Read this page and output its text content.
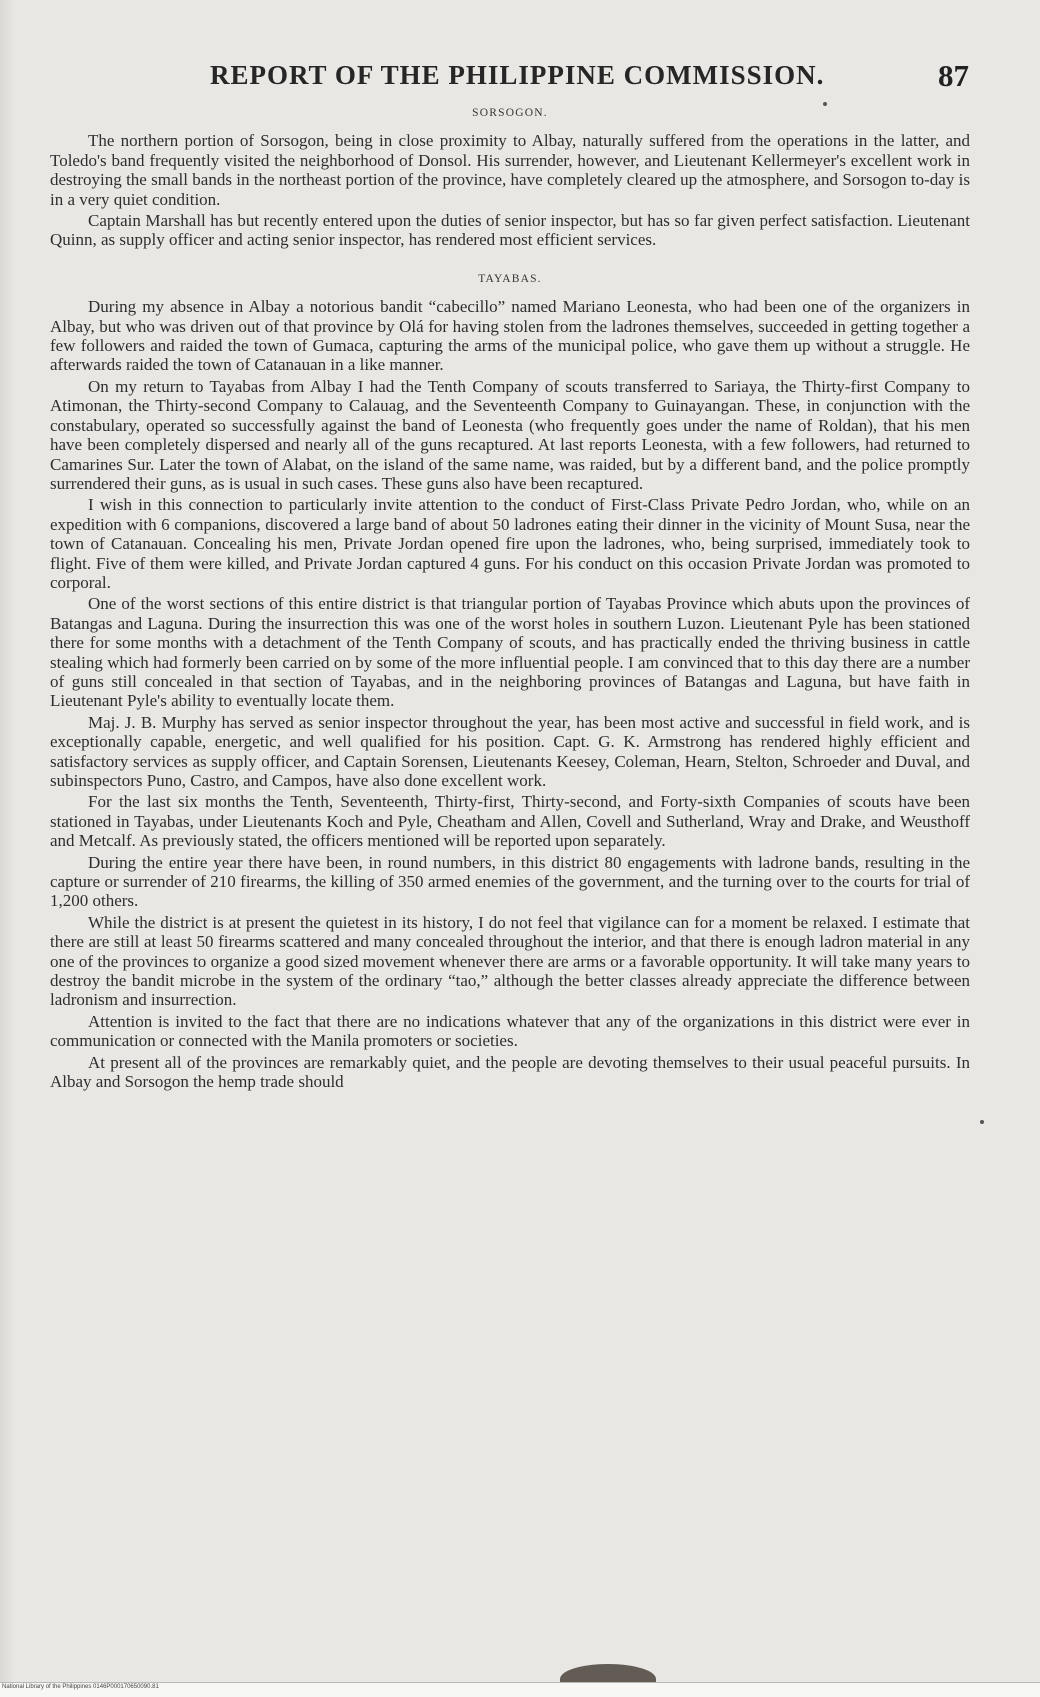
REPORT OF THE PHILIPPINE COMMISSION.	87
SORSOGON.

The northern portion of Sorsogon, being in close proximity to Albay, naturally suffered from the operations in the latter, and Toledo's band frequently visited the neighborhood of Donsol. His surrender, however, and Lieutenant Kellermeyer's excellent work in destroying the small bands in the northeast portion of the province, have completely cleared up the atmosphere, and Sorsogon to-day is in a very quiet condition.

Captain Marshall has but recently entered upon the duties of senior inspector, but has so far given perfect satisfaction. Lieutenant Quinn, as supply officer and acting senior inspector, has rendered most efficient services.

TAYABAS.

During my absence in Albay a notorious bandit “cabecillo” named Mariano Leonesta, who had been one of the organizers in Albay, but who was driven out of that province by Olá for having stolen from the ladrones themselves, succeeded in getting together a few followers and raided the town of Gumaca, capturing the arms of the municipal police, who gave them up without a struggle. He afterwards raided the town of Catanauan in a like manner.

On my return to Tayabas from Albay I had the Tenth Company of scouts transferred to Sariaya, the Thirty-first Company to Atimonan, the Thirty-second Company to Calauag, and the Seventeenth Company to Guinayangan. These, in conjunction with the constabulary, operated so successfully against the band of Leonesta (who frequently goes under the name of Roldan), that his men have been completely dispersed and nearly all of the guns recaptured. At last reports Leonesta, with a few followers, had returned to Camarines Sur. Later the town of Alabat, on the island of the same name, was raided, but by a different band, and the police promptly surrendered their guns, as is usual in such cases. These guns also have been recaptured.

I wish in this connection to particularly invite attention to the conduct of First-Class Private Pedro Jordan, who, while on an expedition with 6 companions, discovered a large band of about 50 ladrones eating their dinner in the vicinity of Mount Susa, near the town of Catanauan. Concealing his men, Private Jordan opened fire upon the ladrones, who, being surprised, immediately took to flight. Five of them were killed, and Private Jordan captured 4 guns. For his conduct on this occasion Private Jordan was promoted to corporal.

One of the worst sections of this entire district is that triangular portion of Tayabas Province which abuts upon the provinces of Batangas and Laguna. During the insurrection this was one of the worst holes in southern Luzon. Lieutenant Pyle has been stationed there for some months with a detachment of the Tenth Company of scouts, and has practically ended the thriving business in cattle stealing which had formerly been carried on by some of the more influential people. I am convinced that to this day there are a number of guns still concealed in that section of Tayabas, and in the neighboring provinces of Batangas and Laguna, but have faith in Lieutenant Pyle's ability to eventually locate them.

Maj. J. B. Murphy has served as senior inspector throughout the year, has been most active and successful in field work, and is exceptionally capable, energetic, and well qualified for his position. Capt. G. K. Armstrong has rendered highly efficient and satisfactory services as supply officer, and Captain Sorensen, Lieutenants Keesey, Coleman, Hearn, Stelton, Schroeder and Duval, and subinspectors Puno, Castro, and Campos, have also done excellent work.

For the last six months the Tenth, Seventeenth, Thirty-first, Thirty-second, and Forty-sixth Companies of scouts have been stationed in Tayabas, under Lieutenants Koch and Pyle, Cheatham and Allen, Covell and Sutherland, Wray and Drake, and Weusthoff and Metcalf. As previously stated, the officers mentioned will be reported upon separately.

During the entire year there have been, in round numbers, in this district 80 engagements with ladrone bands, resulting in the capture or surrender of 210 firearms, the killing of 350 armed enemies of the government, and the turning over to the courts for trial of 1,200 others.

While the district is at present the quietest in its history, I do not feel that vigilance can for a moment be relaxed. I estimate that there are still at least 50 firearms scattered and many concealed throughout the interior, and that there is enough ladron material in any one of the provinces to organize a good sized movement whenever there are arms or a favorable opportunity. It will take many years to destroy the bandit microbe in the system of the ordinary “tao,” although the better classes already appreciate the difference between ladronism and insurrection.

Attention is invited to the fact that there are no indications whatever that any of the organizations in this district were ever in communication or connected with the Manila promoters or societies.

At present all of the provinces are remarkably quiet, and the people are devoting themselves to their usual peaceful pursuits. In Albay and Sorsogon the hemp trade should

National Library of the Philippines 0146P000170650090.81
